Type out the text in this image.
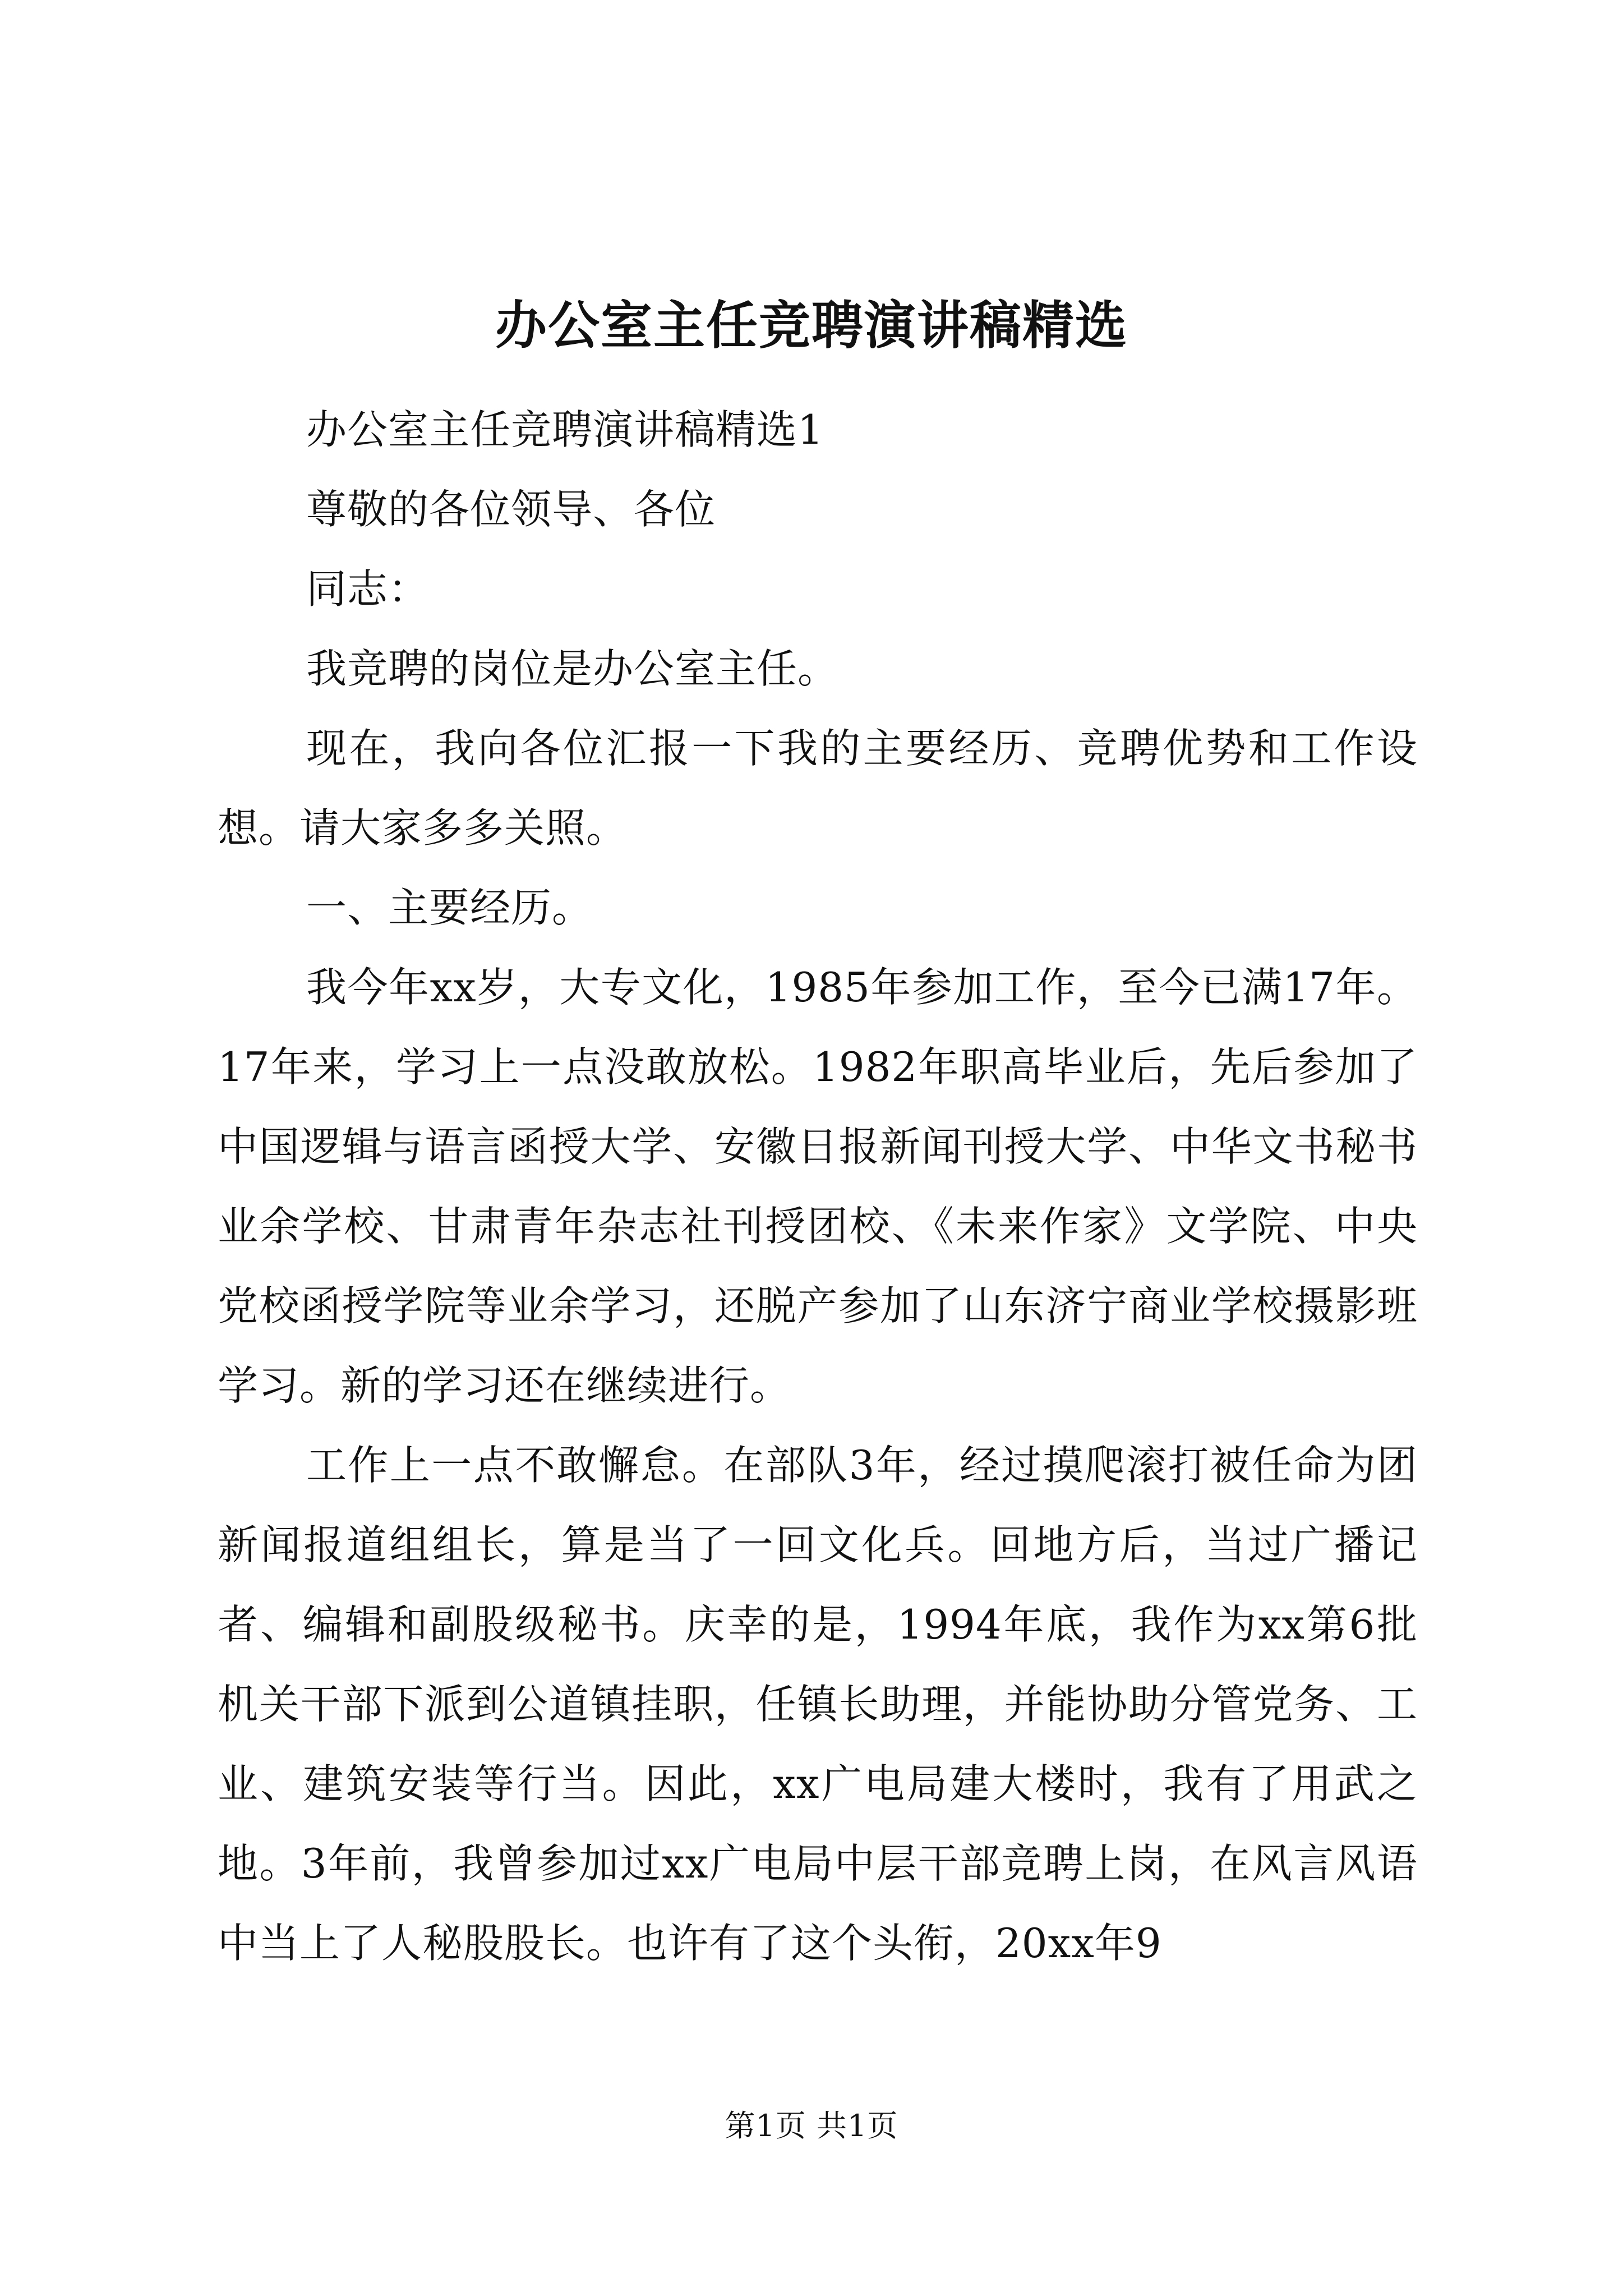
办公室主任竞聘演讲稿精选

办公室主任竞聘演讲稿精选1

尊敬的各位领导、各位

同志：

我竞聘的岗位是办公室主任。

现在，我向各位汇报一下我的主要经历、竞聘优势和工作设想。请大家多多关照。

一、主要经历。

我今年xx岁，大专文化，1985年参加工作，至今已满17年。17年来，学习上一点没敢放松。1982年职高毕业后，先后参加了中国逻辑与语言函授大学、安徽日报新闻刊授大学、中华文书秘书业余学校、甘肃青年杂志社刊授团校、《未来作家》文学院、中央党校函授学院等业余学习，还脱产参加了山东济宁商业学校摄影班学习。新的学习还在继续进行。

工作上一点不敢懈怠。在部队3年，经过摸爬滚打被任命为团新闻报道组组长，算是当了一回文化兵。回地方后，当过广播记者、编辑和副股级秘书。庆幸的是，1994年底，我作为xx第6批机关干部下派到公道镇挂职，任镇长助理，并能协助分管党务、工业、建筑安装等行当。因此，xx广电局建大楼时，我有了用武之地。3年前，我曾参加过xx广电局中层干部竞聘上岗，在风言风语中当上了人秘股股长。也许有了这个头衔，20xx年9

第1页 共1页
